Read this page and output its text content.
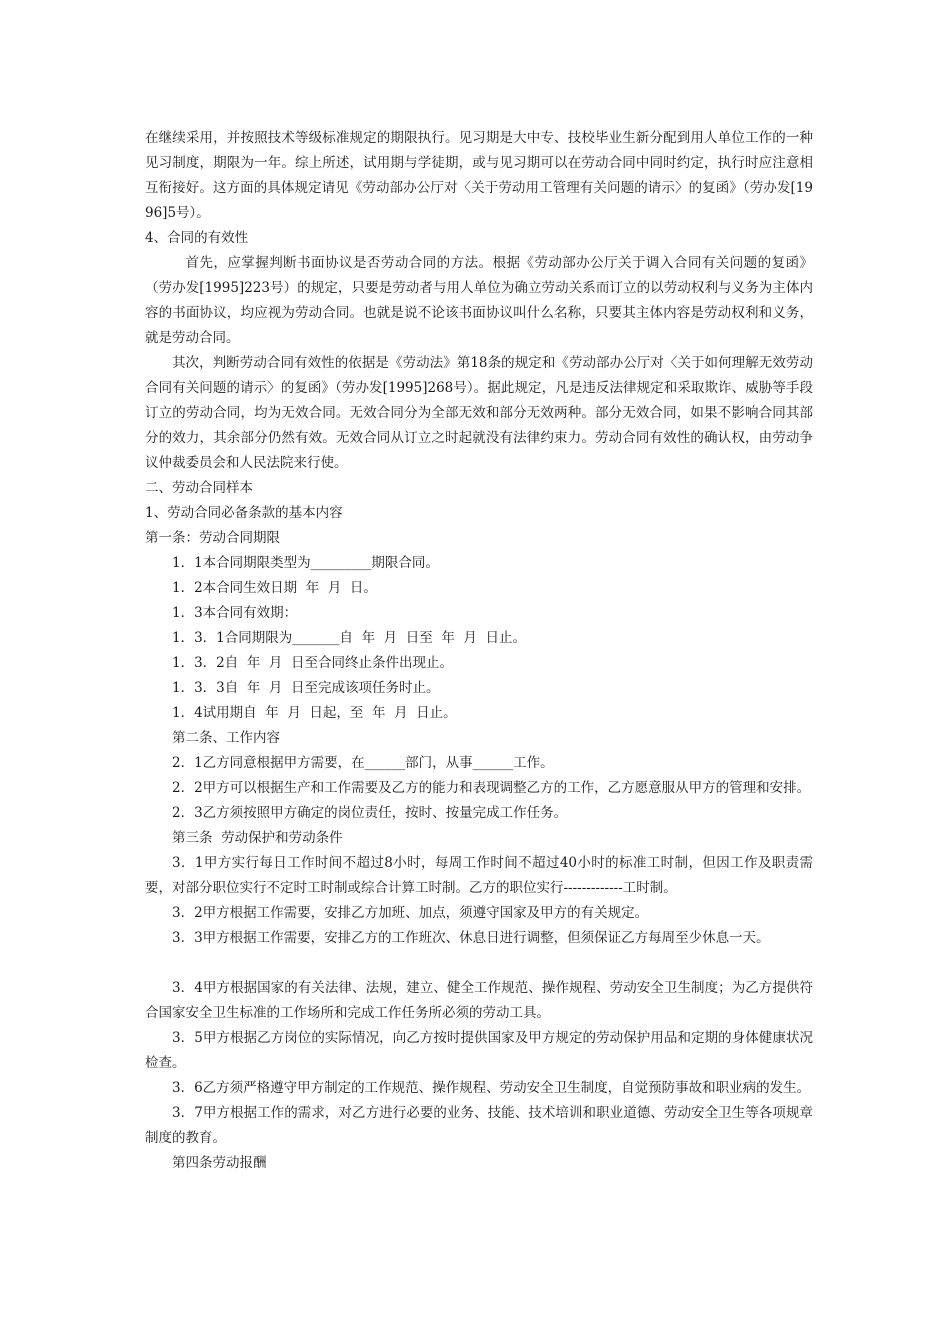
在继续采用，并按照技术等级标准规定的期限执行。见习期是大中专、技校毕业生新分配到用人单位工作的一种见习制度，期限为一年。综上所述，试用期与学徒期，或与见习期可以在劳动合同中同时约定，执行时应注意相互衔接好。这方面的具体规定请见《劳动部办公厅对〈关于劳动用工管理有关问题的请示〉的复函》（劳办发[1996]5号）。

4、合同的有效性

首先，应掌握判断书面协议是否劳动合同的方法。根据《劳动部办公厅关于调入合同有关问题的复函》（劳办发[1995]223号）的规定，只要是劳动者与用人单位为确立劳动关系而订立的以劳动权利与义务为主体内容的书面协议，均应视为劳动合同。也就是说不论该书面协议叫什么名称，只要其主体内容是劳动权利和义务，就是劳动合同。

其次，判断劳动合同有效性的依据是《劳动法》第18条的规定和《劳动部办公厅对〈关于如何理解无效劳动合同有关问题的请示〉的复函》（劳办发[1995]268号）。据此规定，凡是违反法律规定和采取欺诈、威胁等手段订立的劳动合同，均为无效合同。无效合同分为全部无效和部分无效两种。部分无效合同，如果不影响合同其部分的效力，其余部分仍然有效。无效合同从订立之时起就没有法律约束力。劳动合同有效性的确认权，由劳动争议仲裁委员会和人民法院来行使。

二、劳动合同样本

1、劳动合同必备条款的基本内容

第一条：劳动合同期限

1．1本合同期限类型为_________期限合同。

1．2本合同生效日期  年  月  日。

1．3本合同有效期：

1．3．1合同期限为_______自  年  月  日至  年  月  日止。

1．3．2自  年  月  日至合同终止条件出现止。

1．3．3自  年  月  日至完成该项任务时止。

1．4试用期自  年  月  日起，至  年  月  日止。

第二条、工作内容

2．1乙方同意根据甲方需要，在______部门，从事______工作。

2．2甲方可以根据生产和工作需要及乙方的能力和表现调整乙方的工作，乙方愿意服从甲方的管理和安排。

2．3乙方须按照甲方确定的岗位责任，按时、按量完成工作任务。

第三条  劳动保护和劳动条件

3．1甲方实行每日工作时间不超过8小时，每周工作时间不超过40小时的标准工时制，但因工作及职责需要，对部分职位实行不定时工时制或综合计算工时制。乙方的职位实行-------------工时制。

3．2甲方根据工作需要，安排乙方加班、加点，须遵守国家及甲方的有关规定。

3．3甲方根据工作需要，安排乙方的工作班次、休息日进行调整，但须保证乙方每周至少休息一天。

3．4甲方根据国家的有关法律、法规，建立、健全工作规范、操作规程、劳动安全卫生制度；为乙方提供符合国家安全卫生标准的工作场所和完成工作任务所必须的劳动工具。

3．5甲方根据乙方岗位的实际情况，向乙方按时提供国家及甲方规定的劳动保护用品和定期的身体健康状况检查。

3．6乙方须严格遵守甲方制定的工作规范、操作规程、劳动安全卫生制度，自觉预防事故和职业病的发生。

3．7甲方根据工作的需求，对乙方进行必要的业务、技能、技术培训和职业道德、劳动安全卫生等各项规章制度的教育。

第四条劳动报酬
